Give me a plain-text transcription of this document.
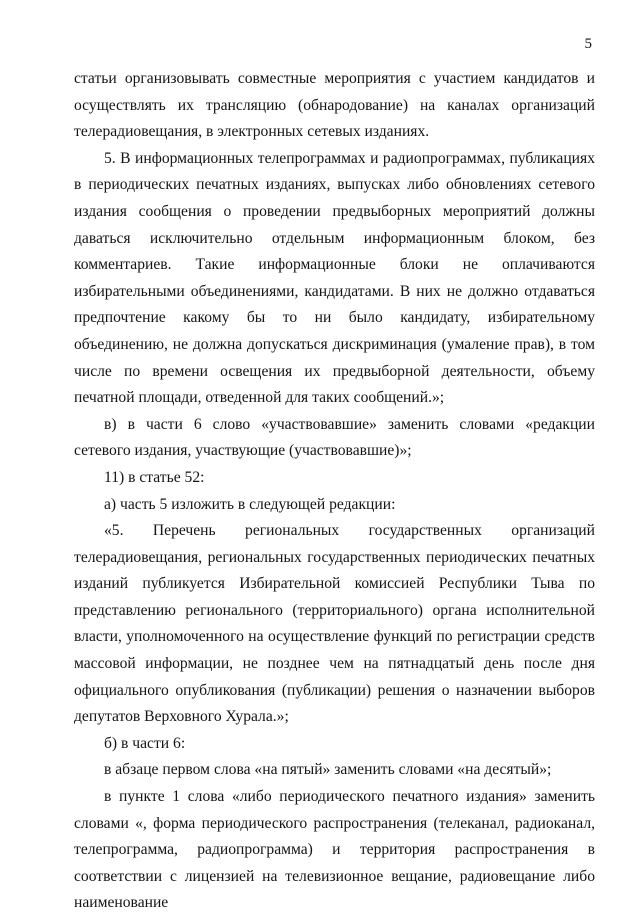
5

статьи организовывать совместные мероприятия с участием кандидатов и осуществлять их трансляцию (обнародование) на каналах организаций телерадиовещания, в электронных сетевых изданиях.

5. В информационных телепрограммах и радиопрограммах, публикациях в периодических печатных изданиях, выпусках либо обновлениях сетевого издания сообщения о проведении предвыборных мероприятий должны даваться исключительно отдельным информационным блоком, без комментариев. Такие информационные блоки не оплачиваются избирательными объединениями, кандидатами. В них не должно отдаваться предпочтение какому бы то ни было кандидату, избирательному объединению, не должна допускаться дискриминация (умаление прав), в том числе по времени освещения их предвыборной деятельности, объему печатной площади, отведенной для таких сообщений.»;

в) в части 6 слово «участвовавшие» заменить словами «редакции сетевого издания, участвующие (участвовавшие)»;

11) в статье 52:

а) часть 5 изложить в следующей редакции:

«5. Перечень региональных государственных организаций телерадиовещания, региональных государственных периодических печатных изданий публикуется Избирательной комиссией Республики Тыва по представлению регионального (территориального) органа исполнительной власти, уполномоченного на осуществление функций по регистрации средств массовой информации, не позднее чем на пятнадцатый день после дня официального опубликования (публикации) решения о назначении выборов депутатов Верховного Хурала.»;

б) в части 6:

в абзаце первом слова «на пятый» заменить словами «на десятый»;

в пункте 1 слова «либо периодического печатного издания» заменить словами «, форма периодического распространения (телеканал, радиоканал, телепрограмма, радиопрограмма) и территория распространения в соответствии с лицензией на телевизионное вещание, радиовещание либо наименование
